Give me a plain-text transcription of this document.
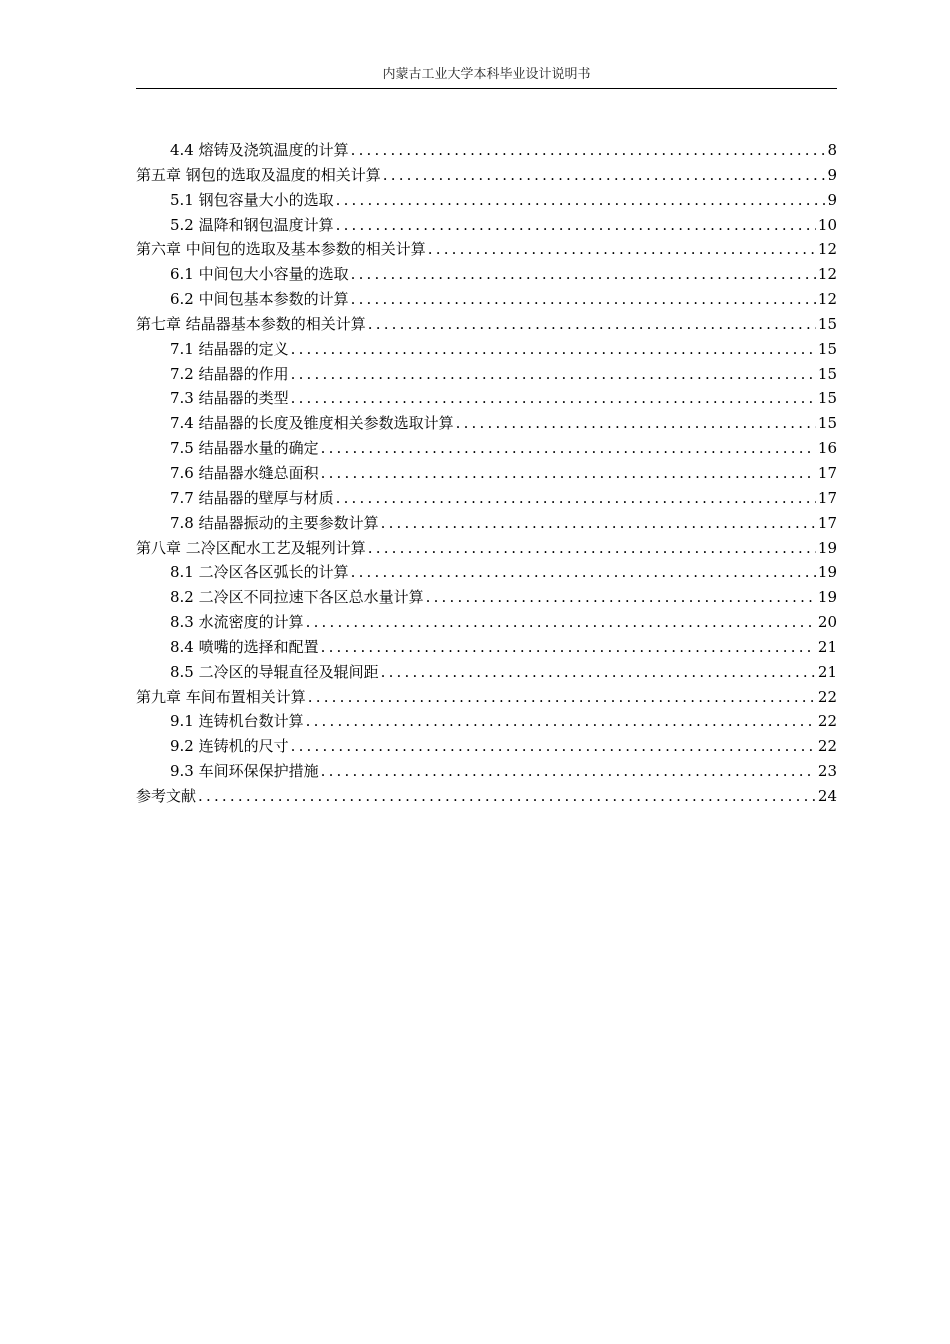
内蒙古工业大学本科毕业设计说明书
4.4 熔铸及浇筑温度的计算 .....	8
第五章 钢包的选取及温度的相关计算 .....	9
5.1 钢包容量大小的选取 .....	9
5.2 温降和钢包温度计算 .....	10
第六章 中间包的选取及基本参数的相关计算 .....	12
6.1 中间包大小容量的选取 .....	12
6.2 中间包基本参数的计算 .....	12
第七章 结晶器基本参数的相关计算 .....	15
7.1 结晶器的定义 .....	15
7.2 结晶器的作用 .....	15
7.3 结晶器的类型 .....	15
7.4 结晶器的长度及锥度相关参数选取计算 .....	15
7.5 结晶器水量的确定 .....	16
7.6 结晶器水缝总面积 .....	17
7.7 结晶器的壁厚与材质 .....	17
7.8 结晶器振动的主要参数计算 .....	17
第八章 二冷区配水工艺及辊列计算 .....	19
8.1 二冷区各区弧长的计算 .....	19
8.2 二冷区不同拉速下各区总水量计算 .....	19
8.3 水流密度的计算 .....	20
8.4 喷嘴的选择和配置 .....	21
8.5 二冷区的导辊直径及辊间距 .....	21
第九章 车间布置相关计算 .....	22
9.1 连铸机台数计算 .....	22
9.2 连铸机的尺寸 .....	22
9.3 车间环保保护措施 .....	23
参考文献 .....	24
